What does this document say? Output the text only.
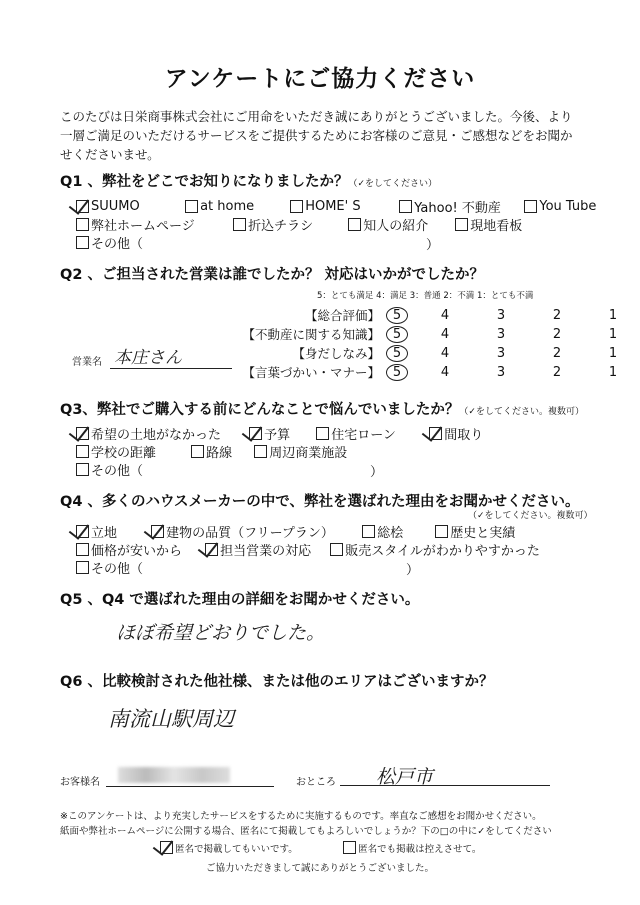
アンケートにご協力ください
このたびは日栄商事株式会社にご用命をいただき誠にありがとうございました。今後、より一層ご満足のいただけるサービスをご提供するためにお客様のご意見・ご感想などをお聞かせくださいませ。
Q1 、弊社をどこでお知りになりましたか？（✓をしてください）
SUUMO
	at home
	HOME' S
	Yahoo! 不動産
	You Tube
弊社ホームページ
	折込チラシ
	知人の紹介
	現地看板
その他（	）
Q2 、ご担当された営業は誰でしたか？ 対応はいかがでしたか？
5：とても満足 4：満足 3：普通 2：不満 1：とても不満
【総合評価】 5	4	3	2	1
【不動産に関する知識】 5	4	3	2	1
【身だしなみ】 5	4	3	2	1
【言葉づかい・マナー】 5	4	3	2	1
営業名 本庄さん
Q3、弊社でご購入する前にどんなことで悩んでいましたか？（✓をしてください。複数可）
希望の土地がなかった
	予算
	住宅ローン
	間取り
学校の距離
	路線
	周辺商業施設
その他（	）
Q4 、多くのハウスメーカーの中で、弊社を選ばれた理由をお聞かせください。
（✓をしてください。複数可）
立地
	建物の品質（フリープラン）
	総桧
	歴史と実績
価格が安いから
	担当営業の対応
	販売スタイルがわかりやすかった
その他（	）
Q5 、Q4 で選ばれた理由の詳細をお聞かせください。
ほぼ希望どおりでした。
Q6 、比較検討された他社様、または他のエリアはございますか？
南流山駅周辺
お客様名	おところ	松戸市
※このアンケートは、より充実したサービスをするために実施するものです。率直なご感想をお聞かせください。
紙面や弊社ホームページに公開する場合、匿名にて掲載してもよろしいでしょうか？下の□の中に✓をしてください
匿名で掲載してもいいです。
	匿名でも掲載は控えさせて。
ご協力いただきまして誠にありがとうございました。
